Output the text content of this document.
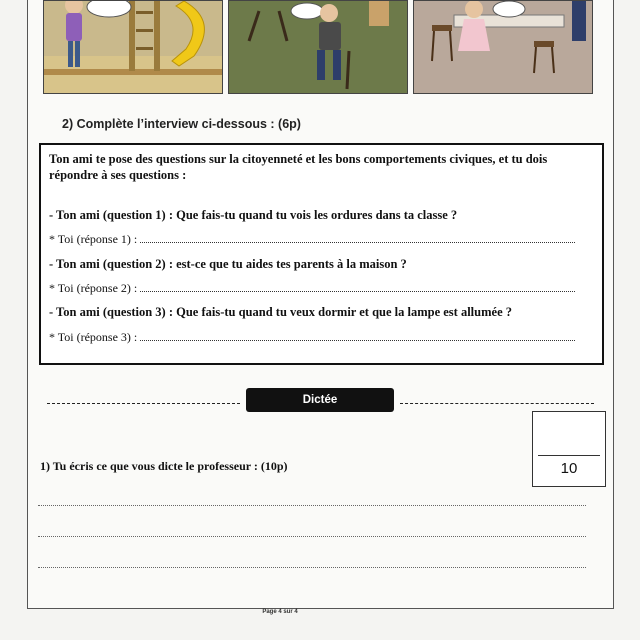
2) Complète l’interview ci-dessous : (6p)
Ton ami te pose des questions sur la citoyenneté et les bons comportements civiques, et tu dois répondre à ses questions :
- Ton ami (question 1) : Que fais-tu quand tu vois les ordures dans ta classe ?
* Toi (réponse 1) :
- Ton ami (question 2) : est-ce que tu aides tes parents à la maison ?
* Toi (réponse 2) :
- Ton ami (question 3) : Que fais-tu quand tu veux dormir et que la lampe est allumée ?
* Toi (réponse 3) :
Dictée
10
1) Tu écris ce que vous dicte le professeur : (10p)
Page 4 sur 4
